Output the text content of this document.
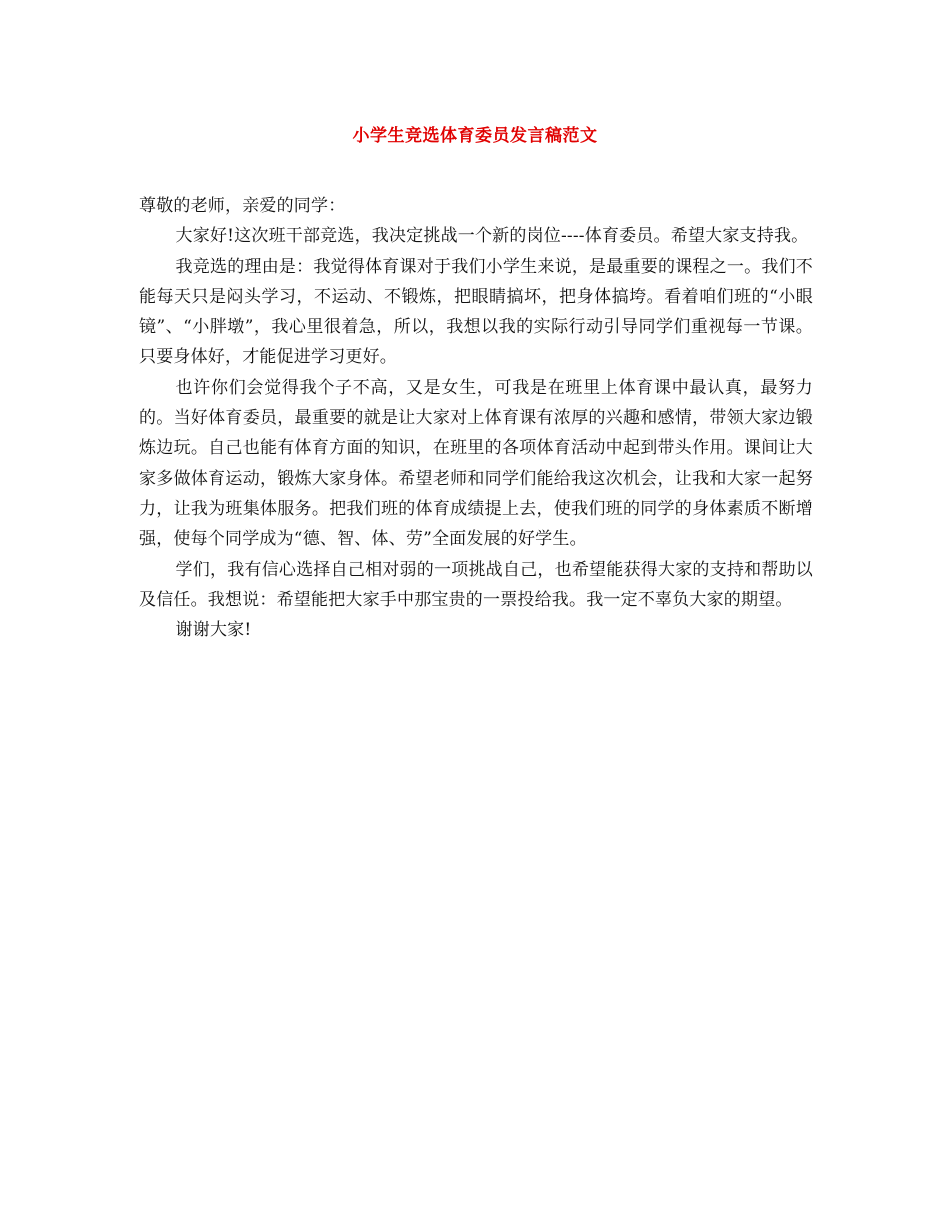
小学生竞选体育委员发言稿范文

尊敬的老师，亲爱的同学：

大家好!这次班干部竞选，我决定挑战一个新的岗位----体育委员。希望大家支持我。

我竞选的理由是：我觉得体育课对于我们小学生来说，是最重要的课程之一。我们不能每天只是闷头学习，不运动、不锻炼，把眼睛搞坏，把身体搞垮。看着咱们班的“小眼镜”、“小胖墩”，我心里很着急，所以，我想以我的实际行动引导同学们重视每一节课。只要身体好，才能促进学习更好。

也许你们会觉得我个子不高，又是女生，可我是在班里上体育课中最认真，最努力的。当好体育委员，最重要的就是让大家对上体育课有浓厚的兴趣和感情，带领大家边锻炼边玩。自己也能有体育方面的知识，在班里的各项体育活动中起到带头作用。课间让大家多做体育运动，锻炼大家身体。希望老师和同学们能给我这次机会，让我和大家一起努力，让我为班集体服务。把我们班的体育成绩提上去，使我们班的同学的身体素质不断增强，使每个同学成为“德、智、体、劳”全面发展的好学生。

学们，我有信心选择自己相对弱的一项挑战自己，也希望能获得大家的支持和帮助以及信任。我想说：希望能把大家手中那宝贵的一票投给我。我一定不辜负大家的期望。

谢谢大家!
